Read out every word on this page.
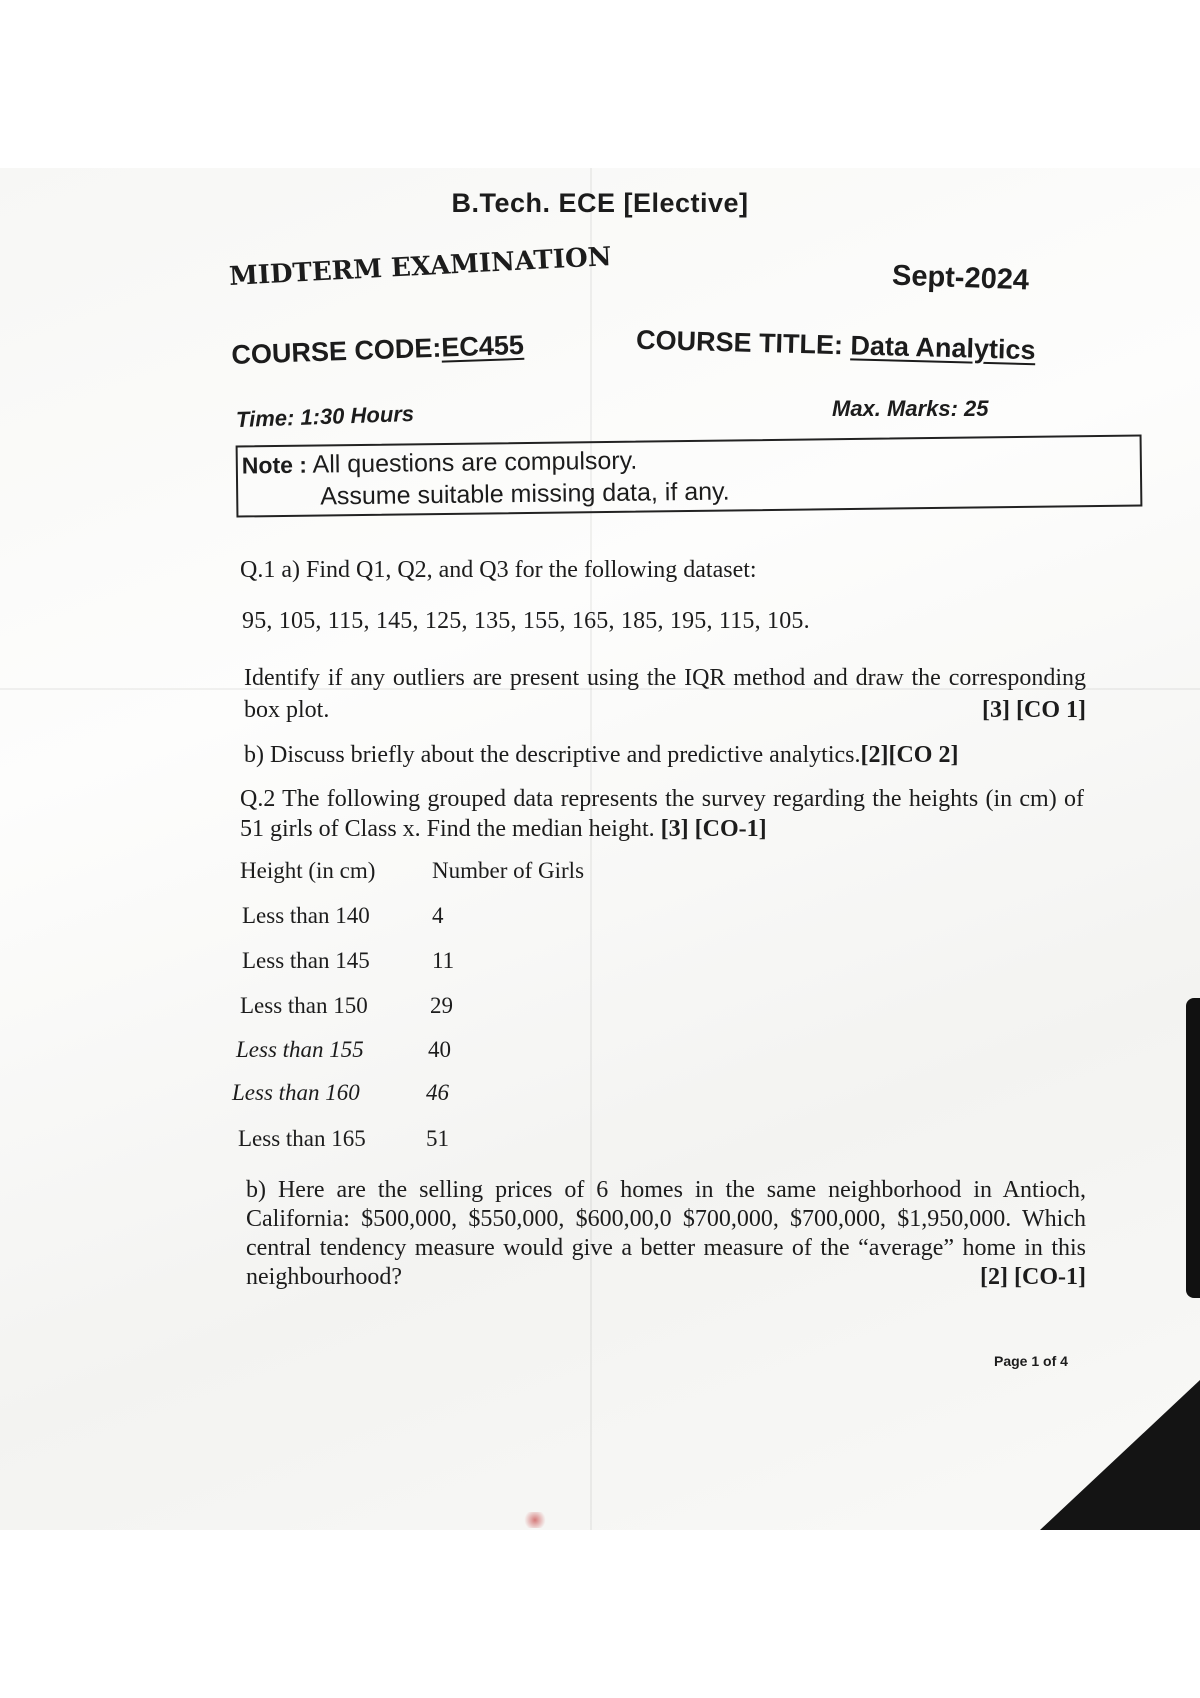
B.Tech. ECE [Elective]
MIDTERM EXAMINATION	Sept-2024
COURSE CODE:EC455	COURSE TITLE: Data Analytics
Time: 1:30 Hours	Max. Marks: 25
Note : All questions are compulsory.
Assume suitable missing data, if any.
Q.1 a) Find Q1, Q2, and Q3 for the following dataset:
95, 105, 115, 145, 125, 135, 155, 165, 185, 195, 115, 105.
Identify if any outliers are present using the IQR method and draw the corresponding box plot.	[3] [CO 1]
b) Discuss briefly about the descriptive and predictive analytics.[2][CO 2]
Q.2 The following grouped data represents the survey regarding the heights (in cm) of 51 girls of Class x. Find the median height. [3] [CO-1]
Height (in cm) Number of Girls
Less than 140	4
Less than 145	11
Less than 150	29
Less than 155	40
Less than 160	46
Less than 165	51
b) Here are the selling prices of 6 homes in the same neighborhood in Antioch, California: $500,000, $550,000, $600,00,0 $700,000, $700,000, $1,950,000. Which central tendency measure would give a better measure of the “average” home in this neighbourhood?	[2] [CO-1]
Page 1 of 4
